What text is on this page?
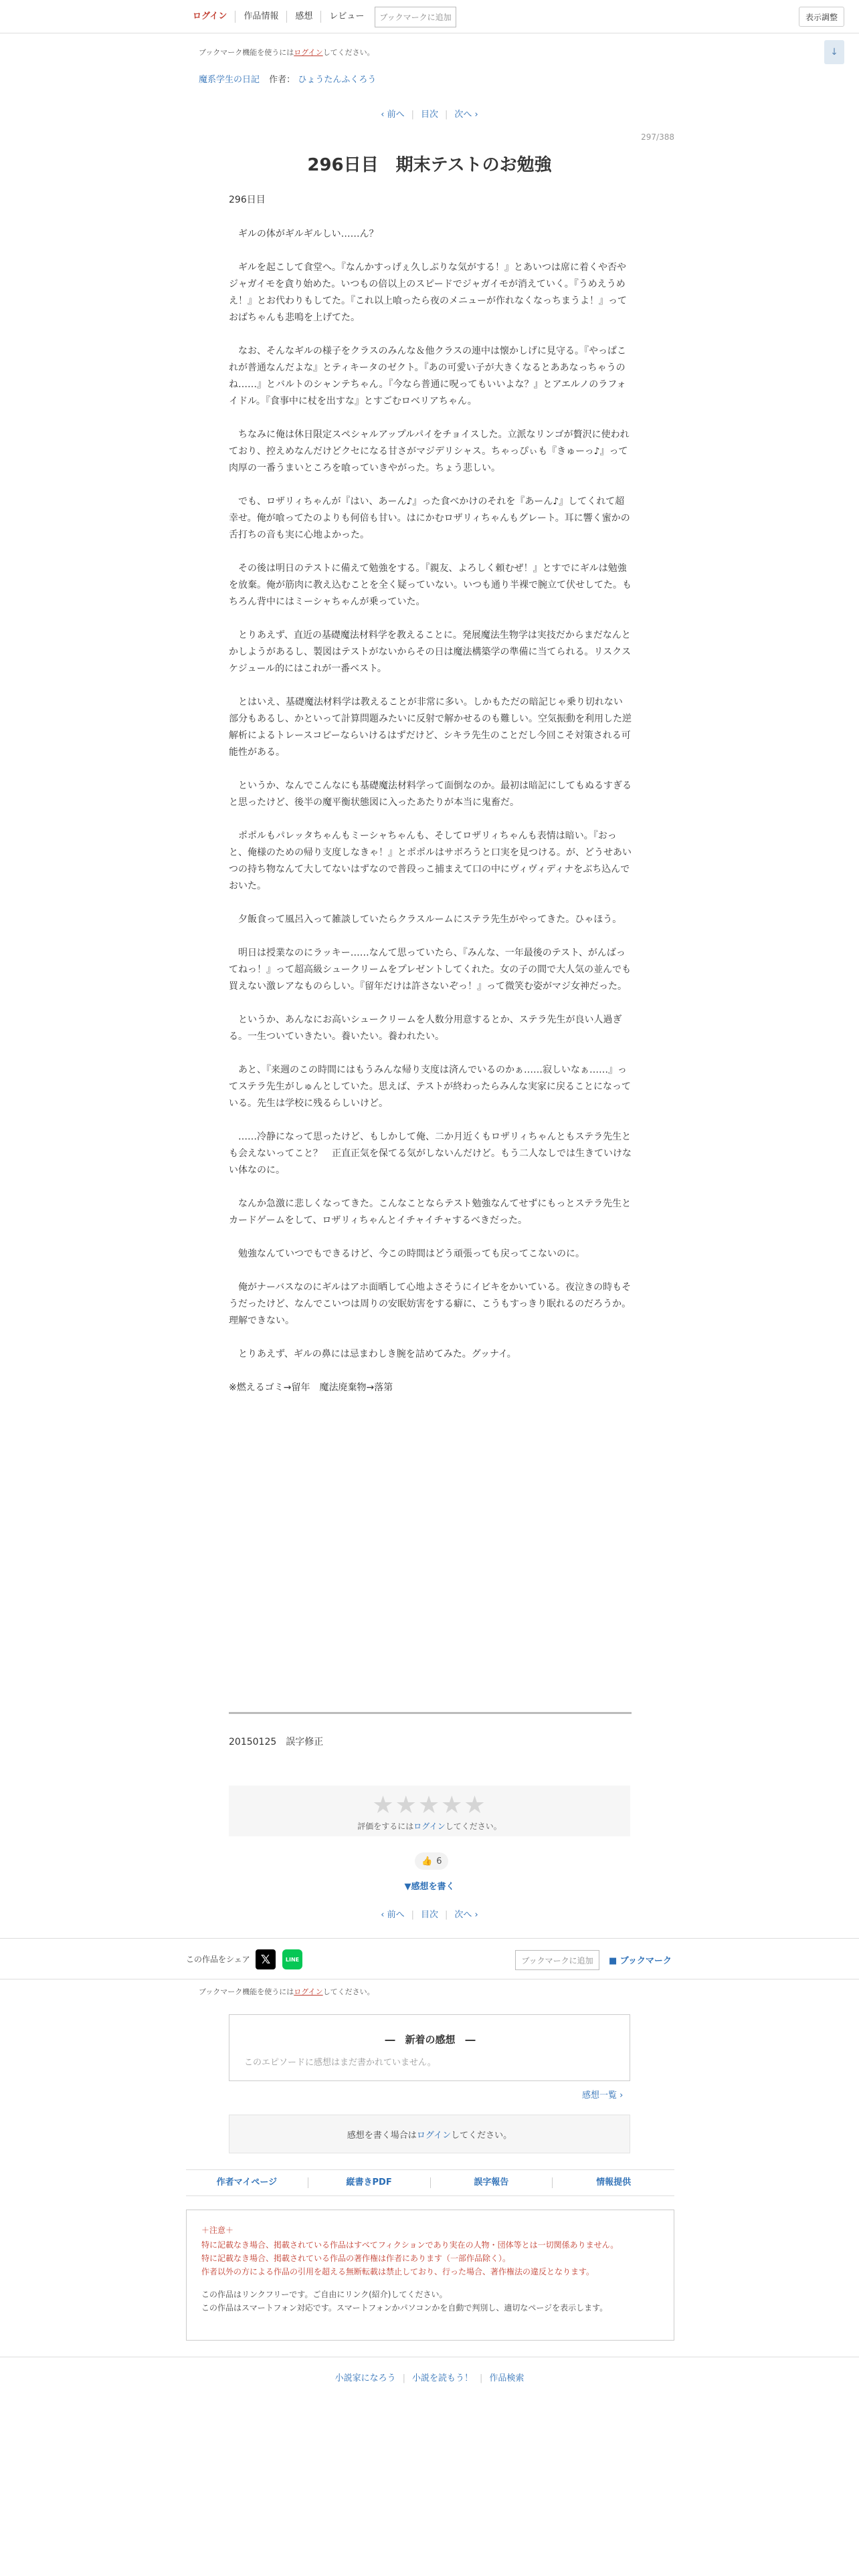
ログイン	作品情報	感想	レビュー	ブックマークに追加	表示調整
ブックマーク機能を使うにはログインしてください。	↓
魔系学生の日記 作者： ひょうたんふくろう
‹ 前へ | 目次 | 次へ ›
297/388
296日目　期末テストのお勉強
296日目

ギルの体がギルギルしい……ん？

ギルを起こして食堂へ。『なんかすっげぇ久しぶりな気がする！』とあいつは席に着くや否やジャガイモを貪り始めた。いつもの倍以上のスピードでジャガイモが消えていく。『うめえうめえ！』とお代わりもしてた。『これ以上喰ったら夜のメニューが作れなくなっちまうよ！』っておばちゃんも悲鳴を上げてた。

なお、そんなギルの様子をクラスのみんな＆他クラスの連中は懐かしげに見守る。『やっぱこれが普通なんだよな』とティキータのゼクト。『あの可愛い子が大きくなるとああなっちゃうのね……』とバルトのシャンテちゃん。『今なら普通に呪ってもいいよな？』とアエルノのラフォイドル。『食事中に杖を出すな』とすごむロベリアちゃん。

ちなみに俺は休日限定スペシャルアップルパイをチョイスした。立派なリンゴが贅沢に使われており、控えめなんだけどクセになる甘さがマジデリシャス。ちゃっぴぃも『きゅーっ♪』って肉厚の一番うまいところを喰っていきやがった。ちょう悲しい。

でも、ロザリィちゃんが『はい、あーん♪』った食べかけのそれを『あーん♪』してくれて超幸せ。俺が喰ってたのよりも何倍も甘い。はにかむロザリィちゃんもグレート。耳に響く蜜かの舌打ちの音も実に心地よかった。

その後は明日のテストに備えて勉強をする。『親友、よろしく頼むぜ！』とすでにギルは勉強を放棄。俺が筋肉に教え込むことを全く疑っていない。いつも通り半裸で腕立て伏せしてた。もちろん背中にはミーシャちゃんが乗っていた。

とりあえず、直近の基礎魔法材料学を教えることに。発展魔法生物学は実技だからまだなんとかしようがあるし、製図はテストがないからその日は魔法構築学の準備に当てられる。リスクスケジュール的にはこれが一番ベスト。

とはいえ、基礎魔法材料学は教えることが非常に多い。しかもただの暗記じゃ乗り切れない部分もあるし、かといって計算問題みたいに反射で解かせるのも難しい。空気振動を利用した逆解析によるトレースコピーならいけるはずだけど、シキラ先生のことだし今回こそ対策される可能性がある。

というか、なんでこんなにも基礎魔法材料学って面倒なのか。最初は暗記にしてもぬるすぎると思ったけど、後半の魔平衡状態図に入ったあたりが本当に鬼畜だ。

ポポルもパレッタちゃんもミーシャちゃんも、そしてロザリィちゃんも表情は暗い。『おっと、俺様のための帰り支度しなきゃ！』とポポルはサボろうと口実を見つける。が、どうせあいつの持ち物なんて大してないはずなので普段っこ捕まえて口の中にヴィヴィディナをぶち込んでおいた。

夕飯食って風呂入って雑談していたらクラスルームにステラ先生がやってきた。ひゃほう。

明日は授業なのにラッキー……なんて思っていたら、『みんな、一年最後のテスト、がんばってねっ！』って超高級シュークリームをプレゼントしてくれた。女の子の間で大人気の並んでも買えない激レアなものらしい。『留年だけは許さないぞっ！』って微笑む姿がマジ女神だった。

というか、あんなにお高いシュークリームを人数分用意するとか、ステラ先生が良い人過ぎる。一生ついていきたい。養いたい。養われたい。

あと、『来週のこの時間にはもうみんな帰り支度は済んでいるのかぁ……寂しいなぁ……』ってステラ先生がしゅんとしていた。思えば、テストが終わったらみんな実家に戻ることになっている。先生は学校に残るらしいけど。

……冷静になって思ったけど、もしかして俺、二か月近くもロザリィちゃんともステラ先生とも会えないってこと？　正直正気を保てる気がしないんだけど。もう二人なしでは生きていけない体なのに。

なんか急激に悲しくなってきた。こんなことならテスト勉強なんてせずにもっとステラ先生とカードゲームをして、ロザリィちゃんとイチャイチャするべきだった。

勉強なんていつでもできるけど、今この時間はどう頑張っても戻ってこないのに。

俺がナーバスなのにギルはアホ面晒して心地よさそうにイビキをかいている。夜泣きの時もそうだったけど、なんでこいつは周りの安眠妨害をする癖に、こうもすっきり眠れるのだろうか。理解できない。

とりあえず、ギルの鼻には忌まわしき腕を詰めてみた。グッナイ。

※燃えるゴミ→留年　魔法廃棄物→落第

20150125　誤字修正
★★★★★
評価をするにはログインしてください。
👍 6
▼感想を書く
‹ 前へ | 目次 | 次へ ›
この作品をシェア 𝕏	LINE	ブックマークに追加	■ ブックマーク
ブックマーク機能を使うにはログインしてください。
―　新着の感想　―
このエピソードに感想はまだ書かれていません。
感想一覧 ›
感想を書く場合は ログイン してください。
作者マイページ	縦書きPDF	誤字報告	情報提供
＋注意＋
特に記載なき場合、掲載されている作品はすべてフィクションであり実在の人物・団体等とは一切関係ありません。
特に記載なき場合、掲載されている作品の著作権は作者にあります（一部作品除く）。
作者以外の方による作品の引用を超える無断転載は禁止しており、行った場合、著作権法の違反となります。
この作品はリンクフリーです。ご自由にリンク(紹介)してください。
この作品はスマートフォン対応です。スマートフォンかパソコンかを自動で判別し、適切なページを表示します。
小説家になろう | 小説を読もう！ | 作品検索
